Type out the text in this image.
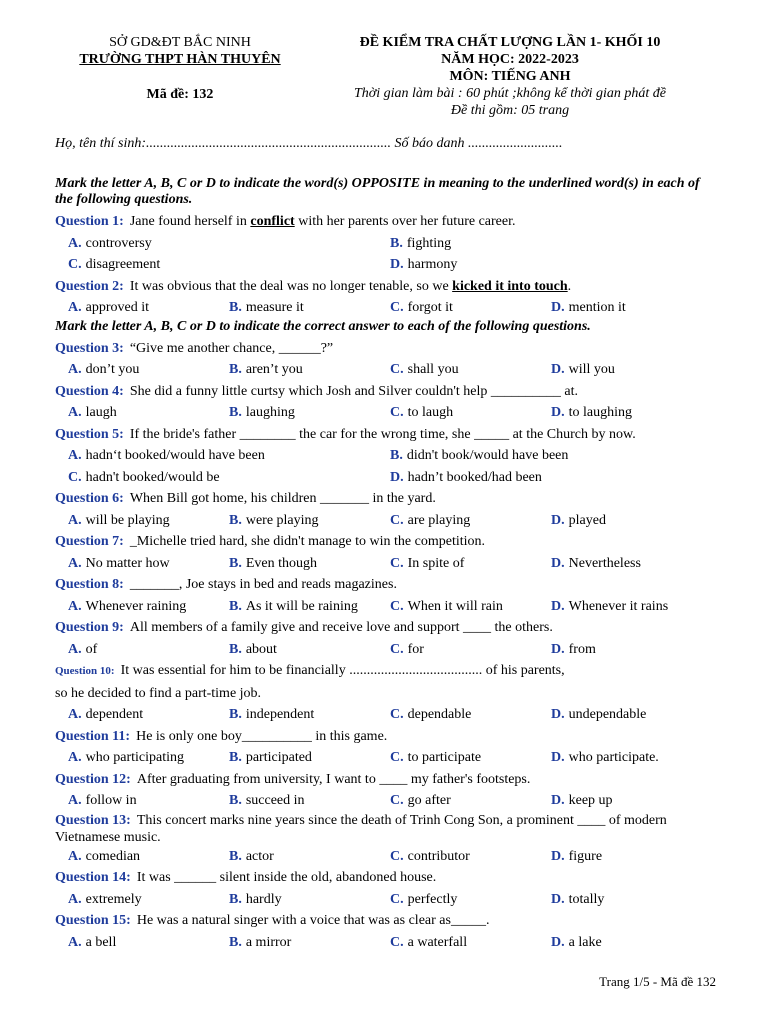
SỞ GD&ĐT BẮC NINH
TRƯỜNG THPT HÀN THUYÊN
Mã đề: 132
ĐỀ KIỂM TRA CHẤT LƯỢNG LẦN 1- KHỐI 10
NĂM HỌC: 2022-2023
MÔN: TIẾNG ANH
Thời gian làm bài : 60 phút ;không kể thời gian phát đề
Đề thi gồm: 05 trang
Họ, tên thí sinh:...................................................................... Số báo danh ...........................
Mark the letter A, B, C or D to indicate the word(s) OPPOSITE in meaning to the underlined word(s) in each of the following questions.
Question 1: Jane found herself in conflict with her parents over her future career.
A. controversy	B. fighting
C. disagreement	D. harmony
Question 2: It was obvious that the deal was no longer tenable, so we kicked it into touch.
A. approved it	B. measure it	C. forgot it	D. mention it
Mark the letter A, B, C or D to indicate the correct answer to each of the following questions.
Question 3: “Give me another chance, ______?”
A. don’t you	B. aren’t you	C. shall you	D. will you
Question 4: She did a funny little curtsy which Josh and Silver couldn't help __________ at.
A. laugh	B. laughing	C. to laugh	D. to laughing
Question 5: If the bride's father ________ the car for the wrong time, she _____ at the Church by now.
A. hadn‘t booked/would have been	B. didn't book/would have been
C. hadn't booked/would be	D. hadn’t booked/had been
Question 6: When Bill got home, his children _______ in the yard.
A. will be playing	B. were playing	C. are playing	D. played
Question 7: _Michelle tried hard, she didn't manage to win the competition.
A. No matter how	B. Even though	C. In spite of	D. Nevertheless
Question 8: _______, Joe stays in bed and reads magazines.
A. Whenever raining	B. As it will be raining	C. When it will rain	D. Whenever it rains
Question 9: All members of a family give and receive love and support ____ the others.
A. of	B. about	C. for	D. from
Question 10: It was essential for him to be financially ...................................... of his parents,
so he decided to find a part-time job.
A. dependent	B. independent	C. dependable	D. undependable
Question 11: He is only one boy__________ in this game.
A. who participating	B. participated	C. to participate	D. who participate.
Question 12: After graduating from university, I want to ____ my father's footsteps.
A. follow in	B. succeed in	C. go after	D. keep up
Question 13: This concert marks nine years since the death of Trinh Cong Son, a prominent ____ of modern Vietnamese music.
A. comedian	B. actor	C. contributor	D. figure
Question 14: It was ______ silent inside the old, abandoned house.
A. extremely	B. hardly	C. perfectly	D. totally
Question 15: He was a natural singer with a voice that was as clear as_____.
A. a bell	B. a mirror	C. a waterfall	D. a lake
Trang 1/5 - Mã đề 132
